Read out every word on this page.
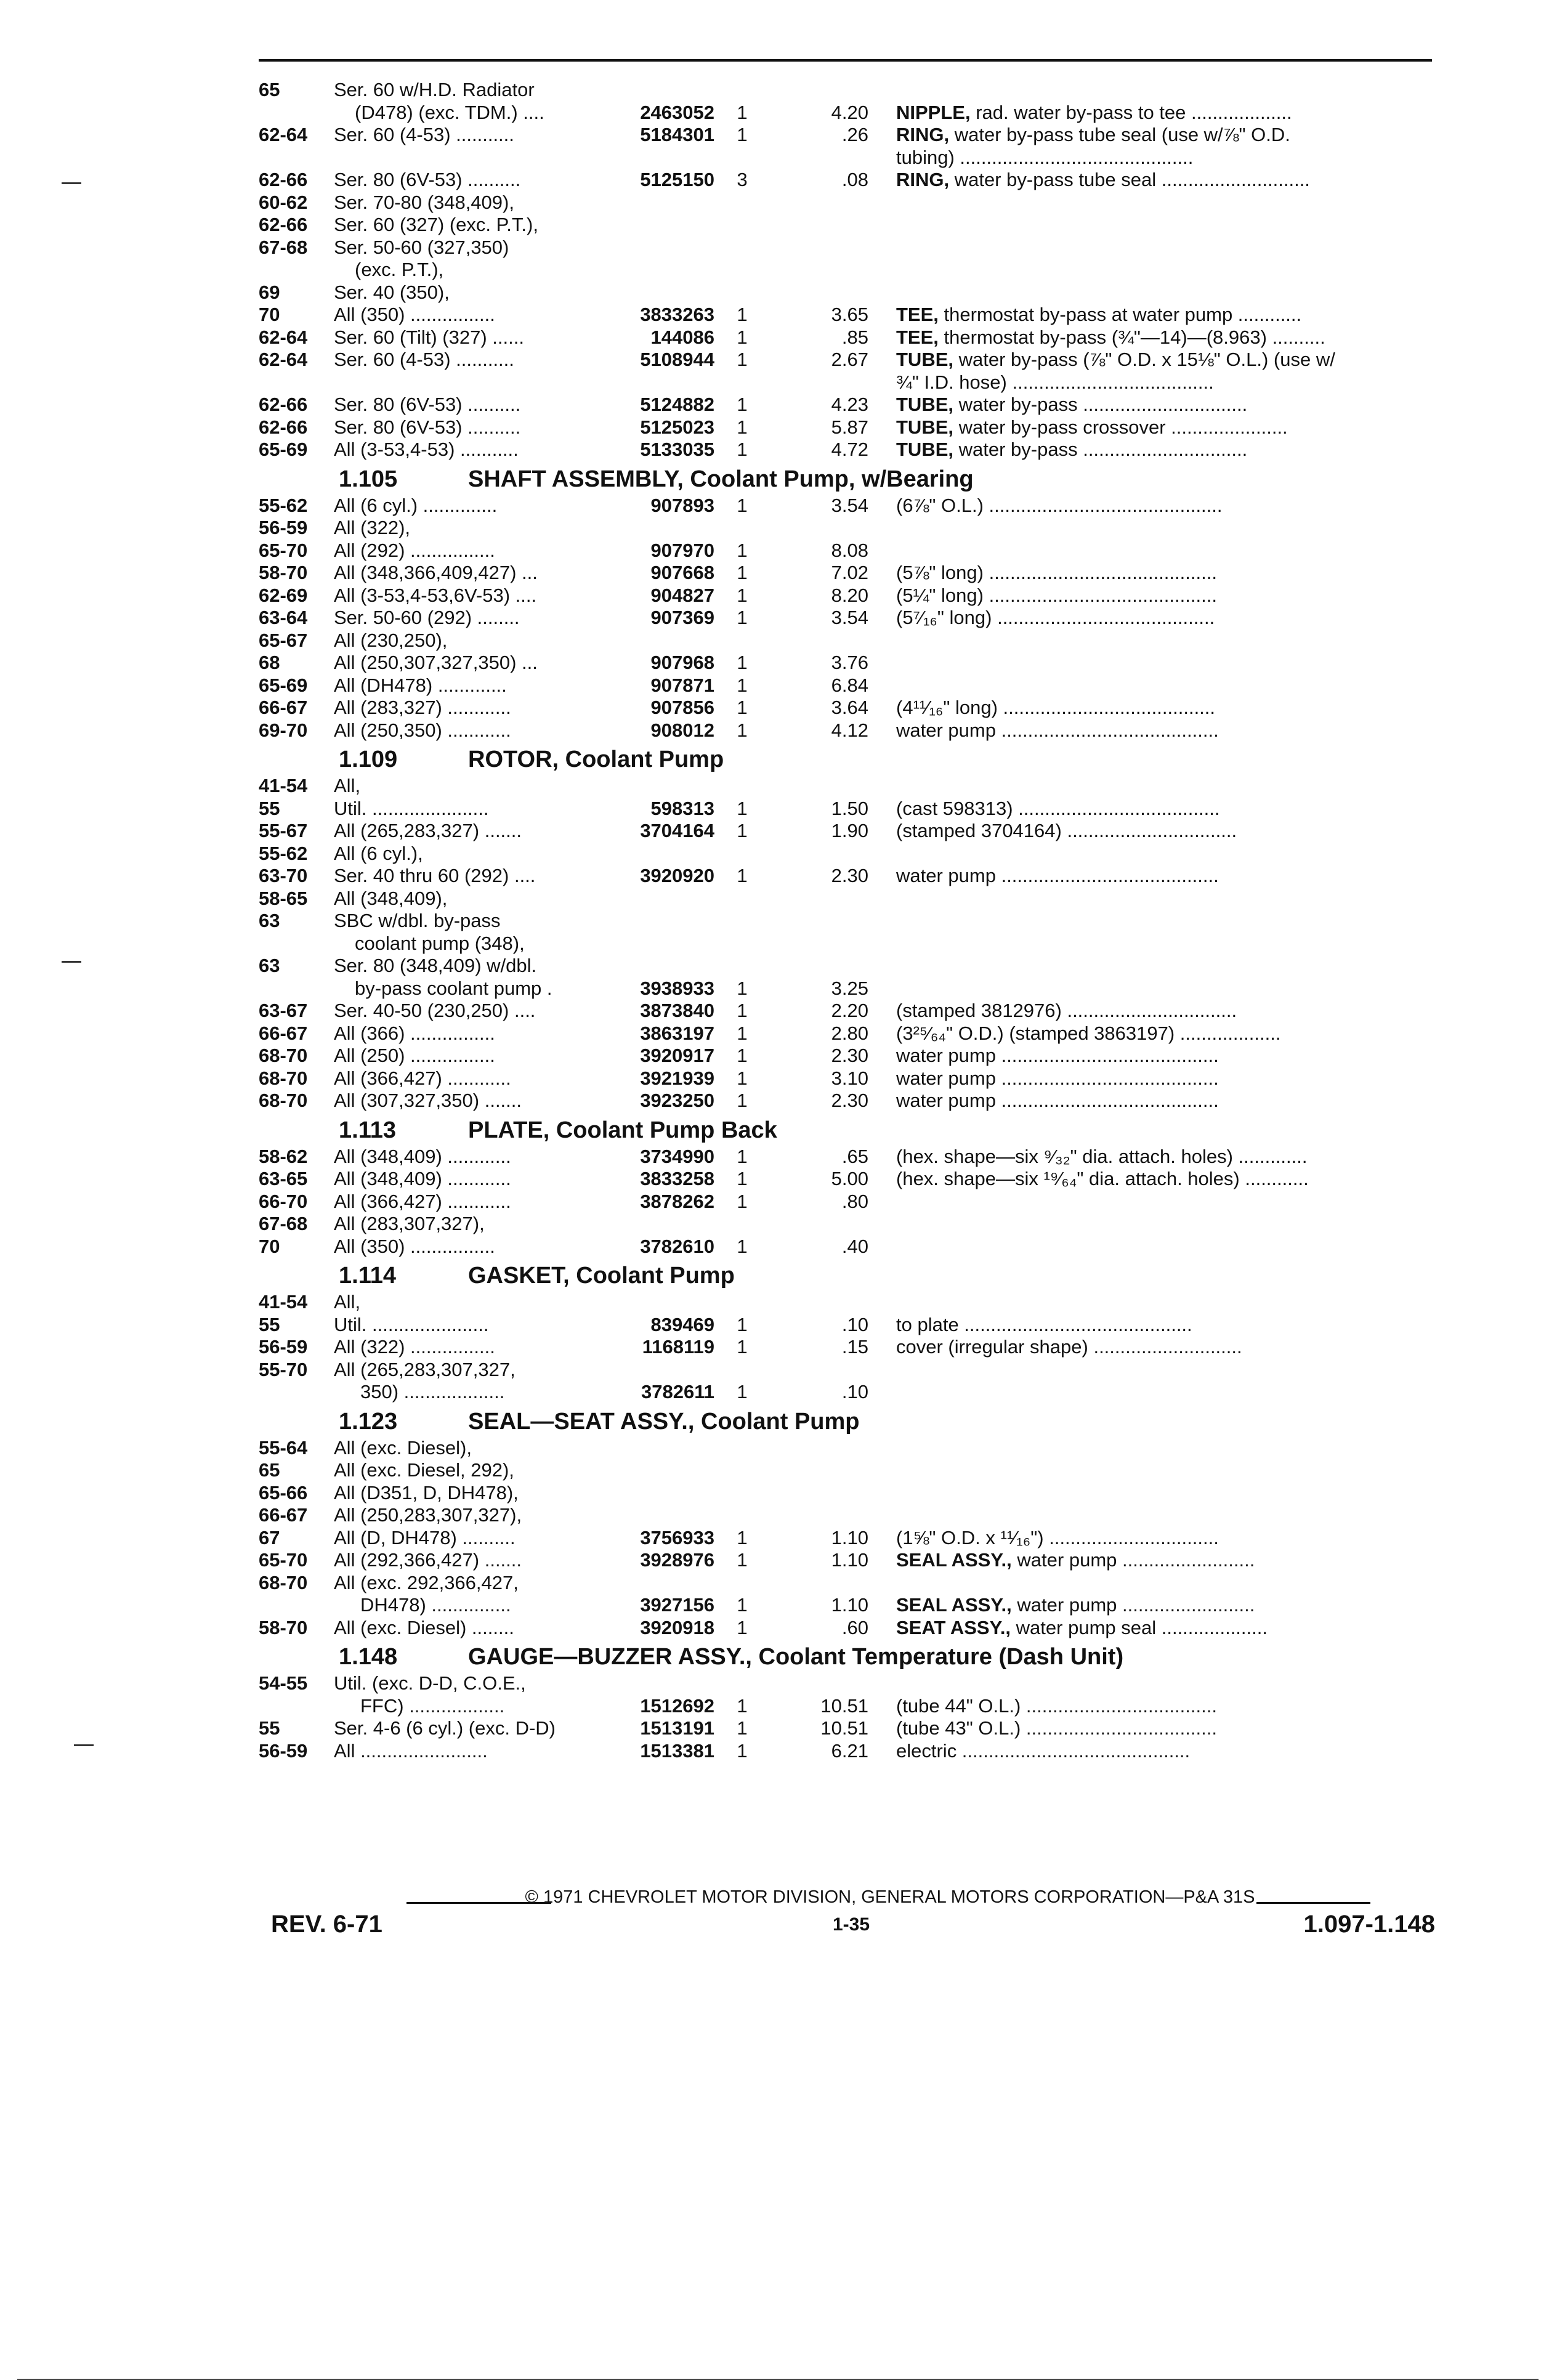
65	Ser. 60 w/H.D. Radiator
(D478) (exc. TDM.) ....	2463052 1	4.20 NIPPLE, rad. water by-pass to tee ...................
62-64 Ser. 60 (4-53) ...........	5184301 1	.26 RING, water by-pass tube seal (use w/⅞" O.D.
tubing) ............................................
62-66 Ser. 80 (6V-53) ..........	5125150 3	.08 RING, water by-pass tube seal ............................
60-62 Ser. 70-80 (348,409),
62-66 Ser. 60 (327) (exc. P.T.),
67-68 Ser. 50-60 (327,350)
(exc. P.T.),
69	Ser. 40 (350),
70	All (350) ................	3833263 1	3.65 TEE, thermostat by-pass at water pump ............
62-64 Ser. 60 (Tilt) (327) ......	144086 1	.85 TEE, thermostat by-pass (¾"—14)—(8.963) ..........
62-64 Ser. 60 (4-53) ...........	5108944 1	2.67 TUBE, water by-pass (⅞" O.D. x 15⅛" O.L.) (use w/
¾" I.D. hose) ......................................
62-66 Ser. 80 (6V-53) ..........	5124882 1	4.23 TUBE, water by-pass ...............................
62-66 Ser. 80 (6V-53) ..........	5125023 1	5.87 TUBE, water by-pass crossover ......................
65-69 All (3-53,4-53) ...........	5133035 1	4.72 TUBE, water by-pass ...............................
1.105	SHAFT ASSEMBLY, Coolant Pump, w/Bearing
55-62 All (6 cyl.) ..............	907893 1	3.54 (6⅞" O.L.) ............................................
56-59 All (322),
65-70 All (292) ................	907970 1	8.08
58-70 All (348,366,409,427) ...	907668 1	7.02 (5⅞" long) ...........................................
62-69 All (3-53,4-53,6V-53) ....	904827 1	8.20 (5¼" long) ...........................................
63-64 Ser. 50-60 (292) ........	907369 1	3.54 (5⁷⁄₁₆" long) .........................................
65-67 All (230,250),
68	All (250,307,327,350) ...	907968 1	3.76
65-69 All (DH478) .............	907871 1	6.84
66-67 All (283,327) ............	907856 1	3.64 (4¹¹⁄₁₆" long) ........................................
69-70 All (250,350) ............	908012 1	4.12 water pump .........................................
1.109	ROTOR, Coolant Pump
41-54 All,
55	Util. ......................	598313 1	1.50 (cast 598313) ......................................
55-67 All (265,283,327) .......	3704164 1	1.90 (stamped 3704164) ................................
55-62 All (6 cyl.),
63-70 Ser. 40 thru 60 (292) ....	3920920 1	2.30 water pump .........................................
58-65 All (348,409),
63	SBC w/dbl. by-pass
coolant pump (348),
63	Ser. 80 (348,409) w/dbl.
by-pass coolant pump .	3938933 1	3.25
63-67 Ser. 40-50 (230,250) ....	3873840 1	2.20 (stamped 3812976) ................................
66-67 All (366) ................	3863197 1	2.80 (3²⁵⁄₆₄" O.D.) (stamped 3863197) ...................
68-70 All (250) ................	3920917 1	2.30 water pump .........................................
68-70 All (366,427) ............	3921939 1	3.10 water pump .........................................
68-70 All (307,327,350) .......	3923250 1	2.30 water pump .........................................
1.113	PLATE, Coolant Pump Back
58-62 All (348,409) ............	3734990 1	.65 (hex. shape—six ⁹⁄₃₂" dia. attach. holes) .............
63-65 All (348,409) ............	3833258 1	5.00 (hex. shape—six ¹⁹⁄₆₄" dia. attach. holes) ............
66-70 All (366,427) ............	3878262 1	.80
67-68 All (283,307,327),
70	All (350) ................	3782610 1	.40
1.114	GASKET, Coolant Pump
41-54 All,
55	Util. ......................	839469 1	.10 to plate ...........................................
56-59 All (322) ................	1168119 1	.15 cover (irregular shape) ............................
55-70 All (265,283,307,327,
350) ...................	3782611 1	.10
1.123	SEAL—SEAT ASSY., Coolant Pump
55-64 All (exc. Diesel),
65	All (exc. Diesel, 292),
65-66 All (D351, D, DH478),
66-67 All (250,283,307,327),
67	All (D, DH478) ..........	3756933 1	1.10 (1⅝" O.D. x ¹¹⁄₁₆") ................................
65-70 All (292,366,427) .......	3928976 1	1.10 SEAL ASSY., water pump .........................
68-70 All (exc. 292,366,427,
DH478) ...............	3927156 1	1.10 SEAL ASSY., water pump .........................
58-70 All (exc. Diesel) ........	3920918 1	.60 SEAT ASSY., water pump seal ....................
1.148	GAUGE—BUZZER ASSY., Coolant Temperature (Dash Unit)
54-55 Util. (exc. D-D, C.O.E.,
FFC) ..................	1512692 1	10.51 (tube 44" O.L.) ....................................
55	Ser. 4-6 (6 cyl.) (exc. D-D)	1513191 1	10.51 (tube 43" O.L.) ....................................
56-59 All ........................	1513381 1	6.21 electric ...........................................
© 1971 CHEVROLET MOTOR DIVISION, GENERAL MOTORS CORPORATION—P&A 31S
REV. 6-71	1-35	1.097-1.148
